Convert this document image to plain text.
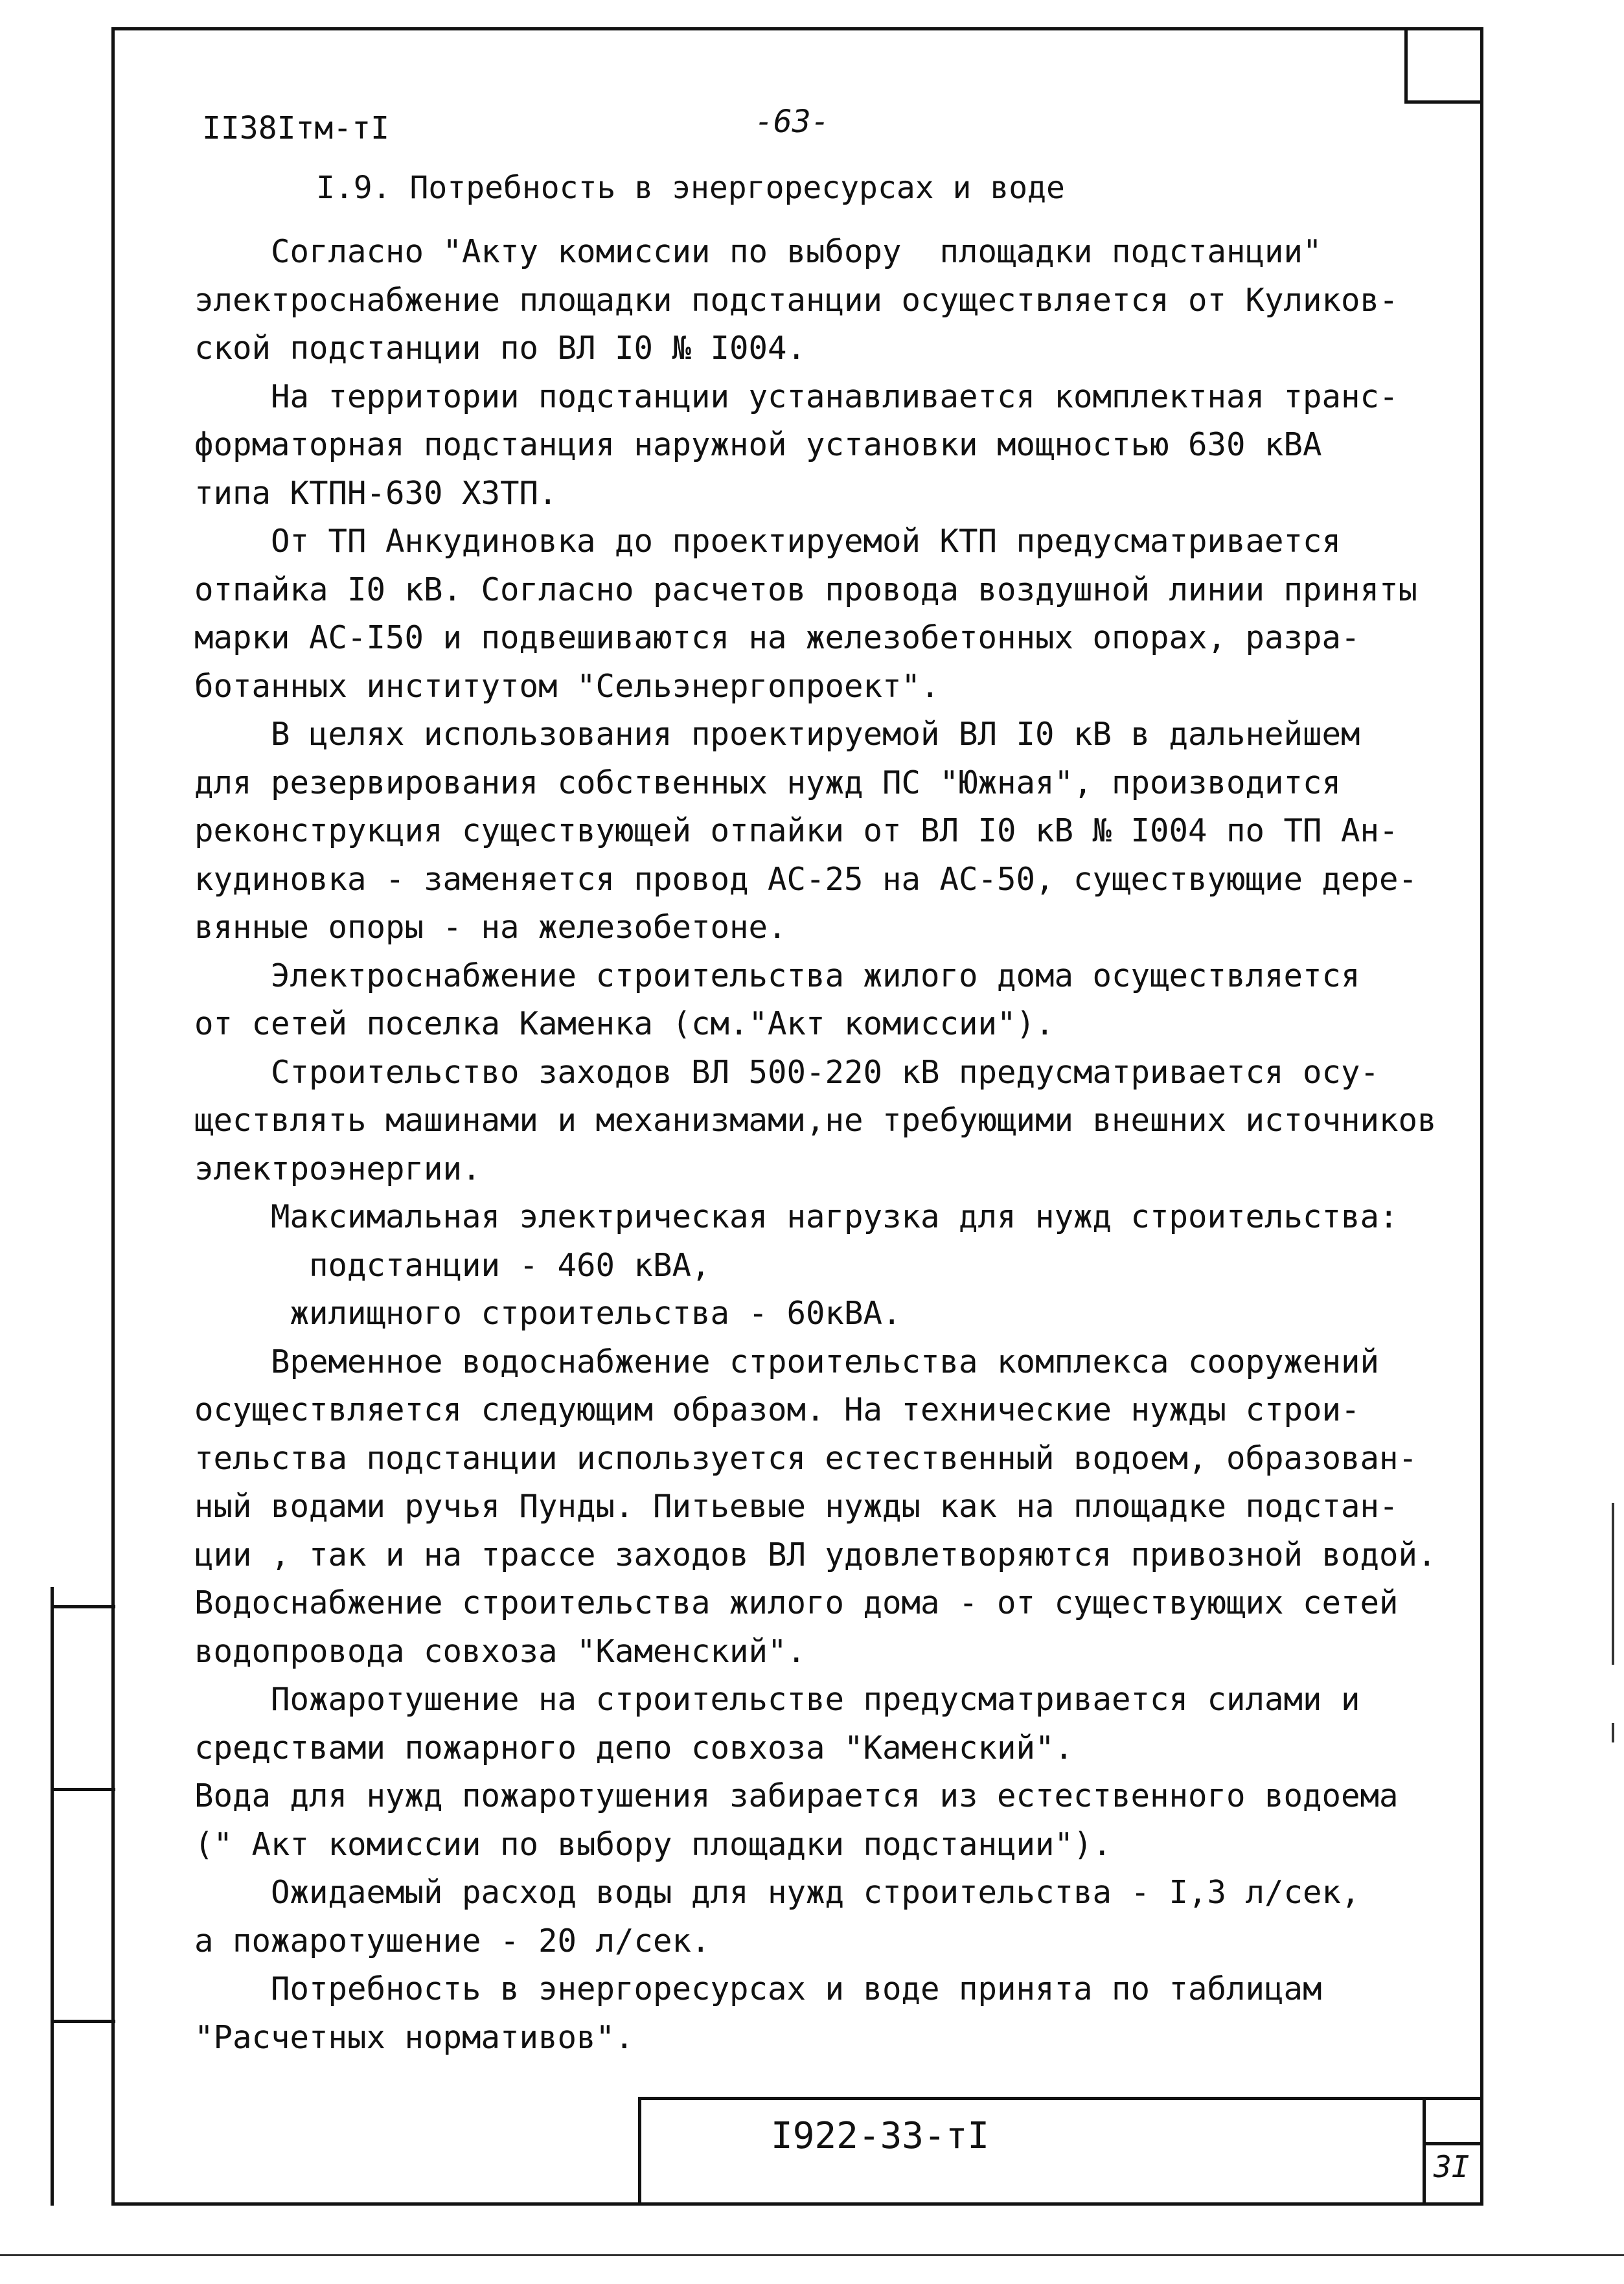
II38Iтм-тI	-63-
I.9. Потребность в энергоресурсах и воде
Согласно "Акту комиссии по выбору  площадки подстанции"
электроснабжение площадки подстанции осуществляется от Куликов-
ской подстанции по ВЛ I0 № I004.
На территории подстанции устанавливается комплектная транс-
форматорная подстанция наружной установки мощностью 630 кВА
типа КТПН-630 ХЗТП.
От ТП Анкудиновка до проектируемой КТП предусматривается
отпайка I0 кВ. Согласно расчетов провода воздушной линии приняты
марки АС-I50 и подвешиваются на железобетонных опорах, разра-
ботанных институтом "Сельэнергопроект".
В целях использования проектируемой ВЛ I0 кВ в дальнейшем
для резервирования собственных нужд ПС "Южная", производится
реконструкция существующей отпайки от ВЛ I0 кВ № I004 по ТП Ан-
кудиновка - заменяется провод АС-25 на АС-50, существующие дере-
вянные опоры - на железобетоне.
Электроснабжение строительства жилого дома осуществляется
от сетей поселка Каменка (см."Акт комиссии").
Строительство заходов ВЛ 500-220 кВ предусматривается осу-
ществлять машинами и механизмами,не требующими внешних источников
электроэнергии.
Максимальная электрическая нагрузка для нужд строительства:
подстанции - 460 кВА,
жилищного строительства - 60кВА.
Временное водоснабжение строительства комплекса сооружений
осуществляется следующим образом. На технические нужды строи-
тельства подстанции используется естественный водоем, образован-
ный водами ручья Пунды. Питьевые нужды как на площадке подстан-
ции , так и на трассе заходов ВЛ удовлетворяются привозной водой.
Водоснабжение строительства жилого дома - от существующих сетей
водопровода совхоза "Каменский".
Пожаротушение на строительстве предусматривается силами и
средствами пожарного депо совхоза "Каменский".
Вода для нужд пожаротушения забирается из естественного водоема
(" Акт комиссии по выбору площадки подстанции").
Ожидаемый расход воды для нужд строительства - I,3 л/сек,
а пожаротушение - 20 л/сек.
Потребность в энергоресурсах и воде принята по таблицам
"Расчетных нормативов".
I922-33-тI
3I
